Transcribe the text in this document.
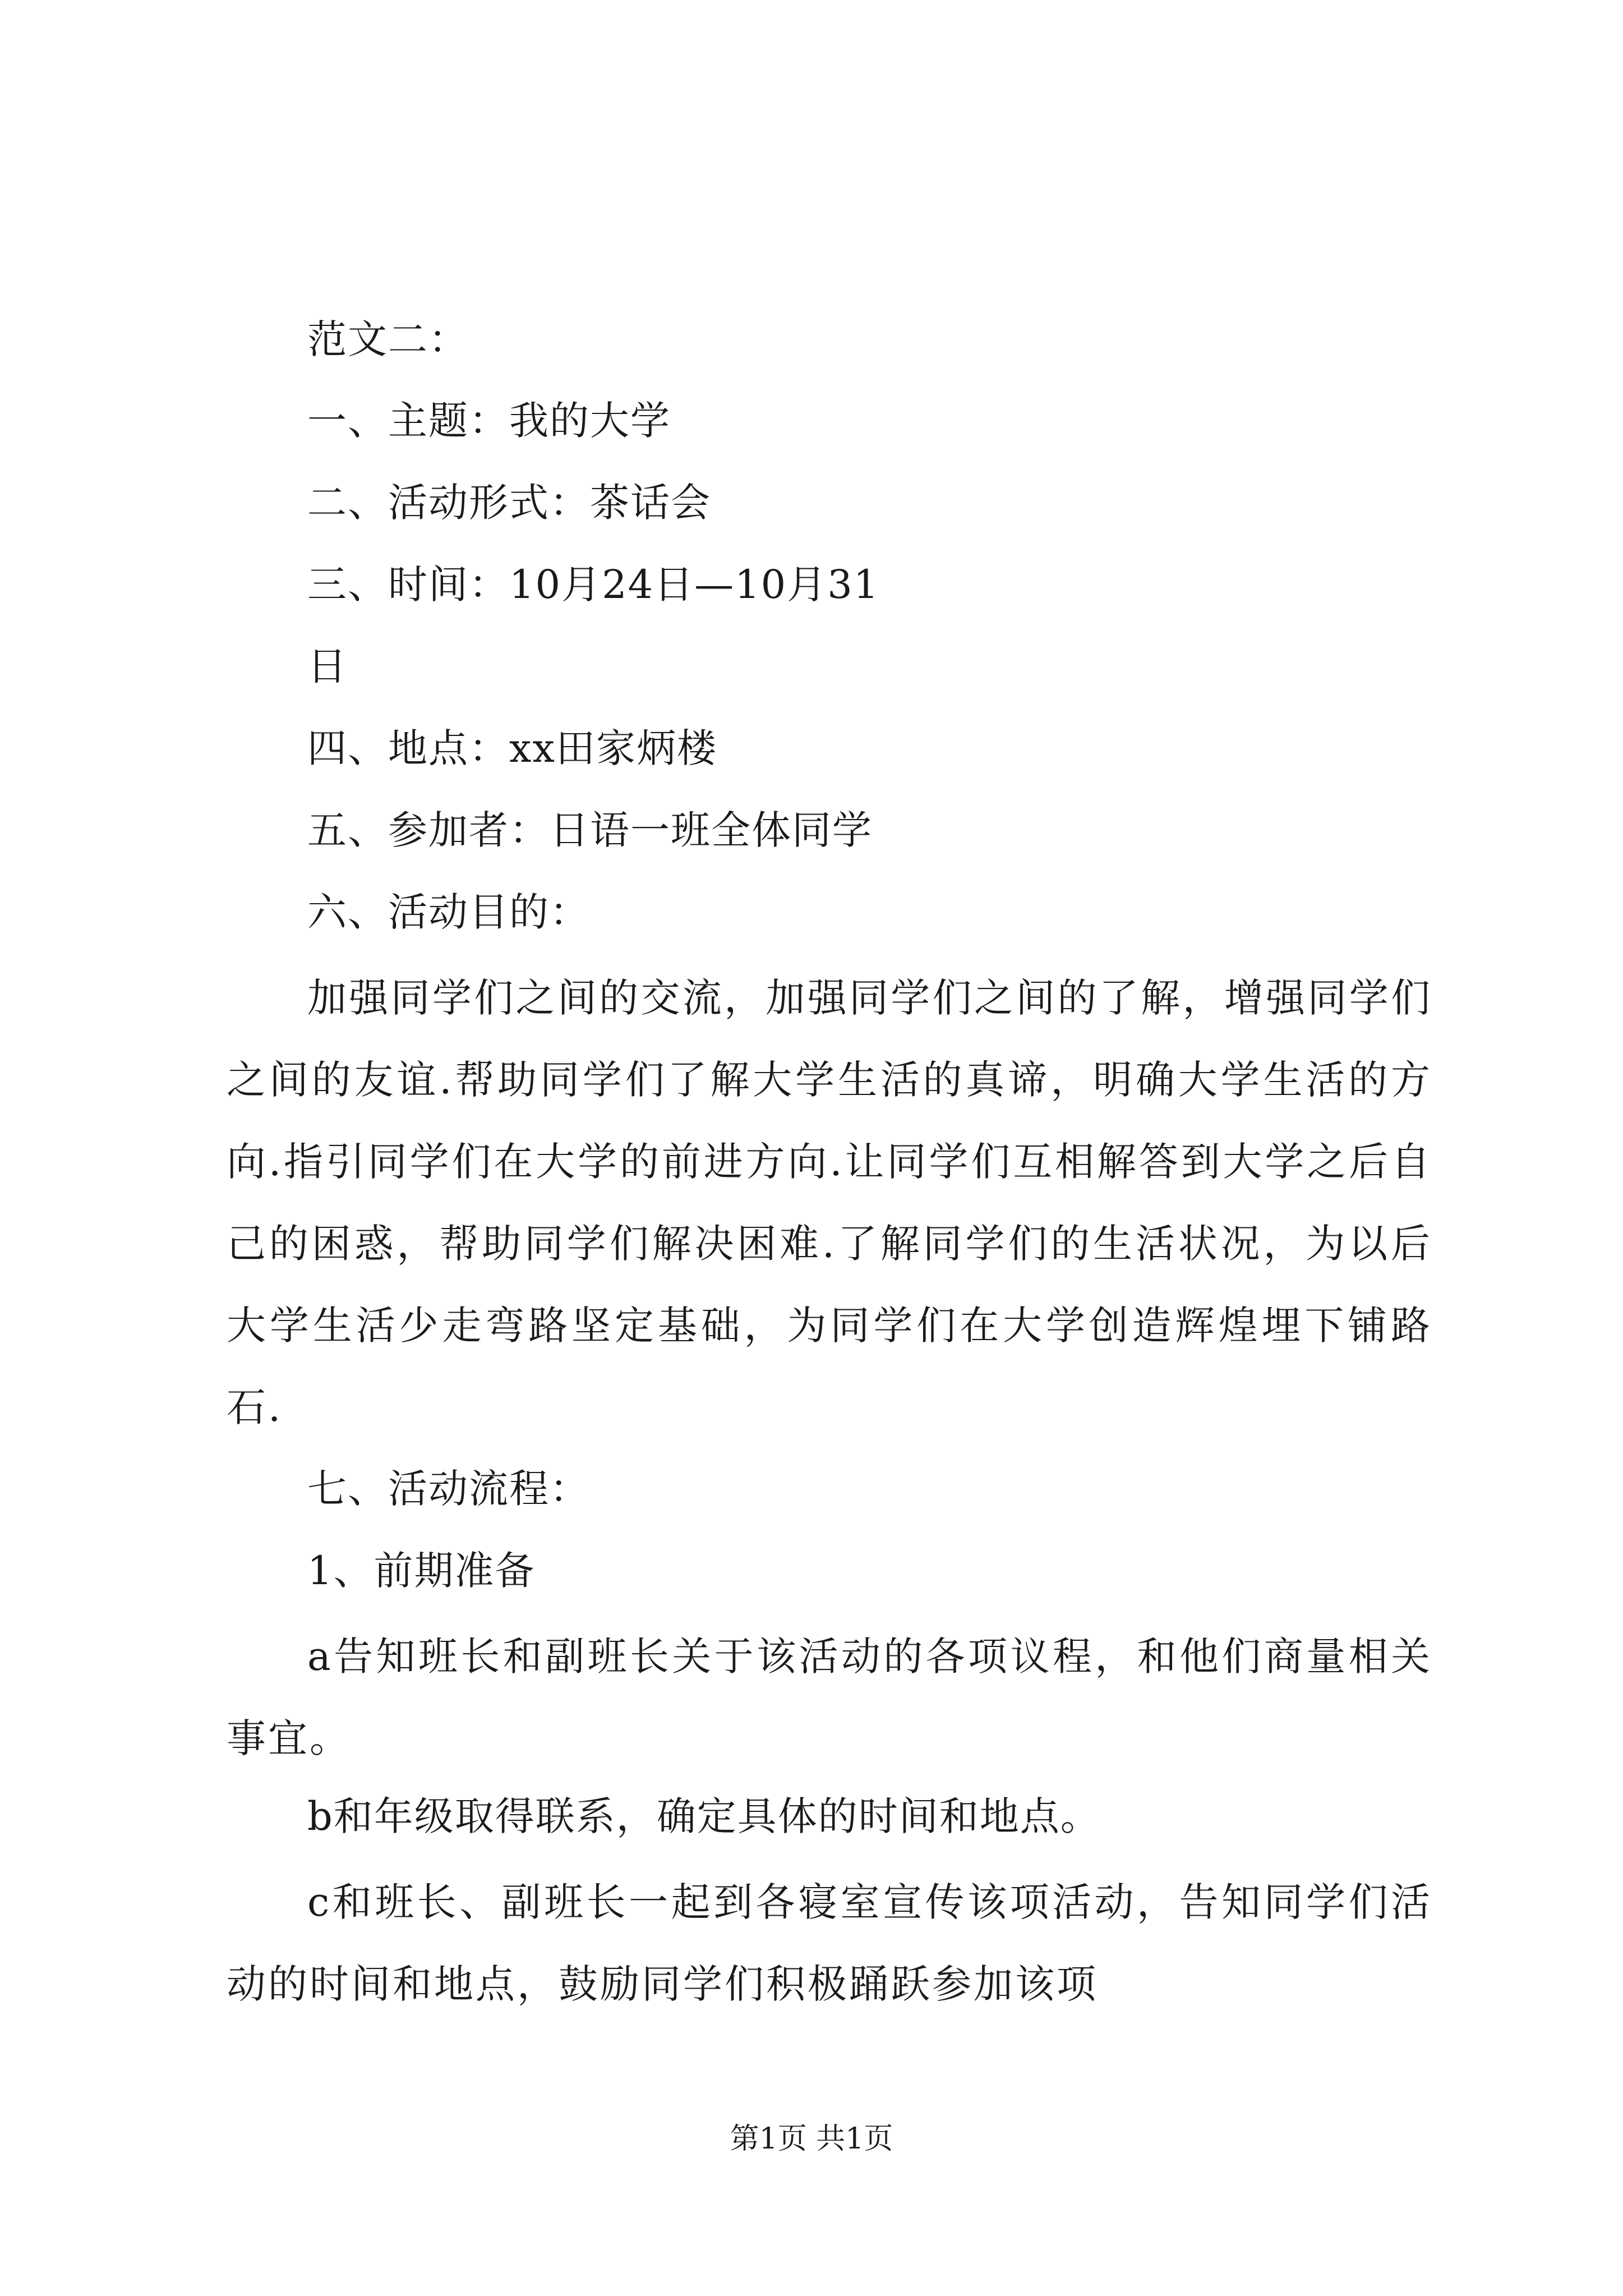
范文二：
一、主题：我的大学
二、活动形式：茶话会
三、时间：10月24日—10月31
日
四、地点：xx田家炳楼
五、参加者：日语一班全体同学
六、活动目的：

加强同学们之间的交流，加强同学们之间的了解，增强同学们之间的友谊.帮助同学们了解大学生活的真谛，明确大学生活的方向.指引同学们在大学的前进方向.让同学们互相解答到大学之后自己的困惑，帮助同学们解决困难.了解同学们的生活状况，为以后大学生活少走弯路坚定基础，为同学们在大学创造辉煌埋下铺路石.

七、活动流程：
1、前期准备

a告知班长和副班长关于该活动的各项议程，和他们商量相关事宜。

b和年级取得联系，确定具体的时间和地点。

c和班长、副班长一起到各寝室宣传该项活动，告知同学们活动的时间和地点，鼓励同学们积极踊跃参加该项

第1页 共1页
